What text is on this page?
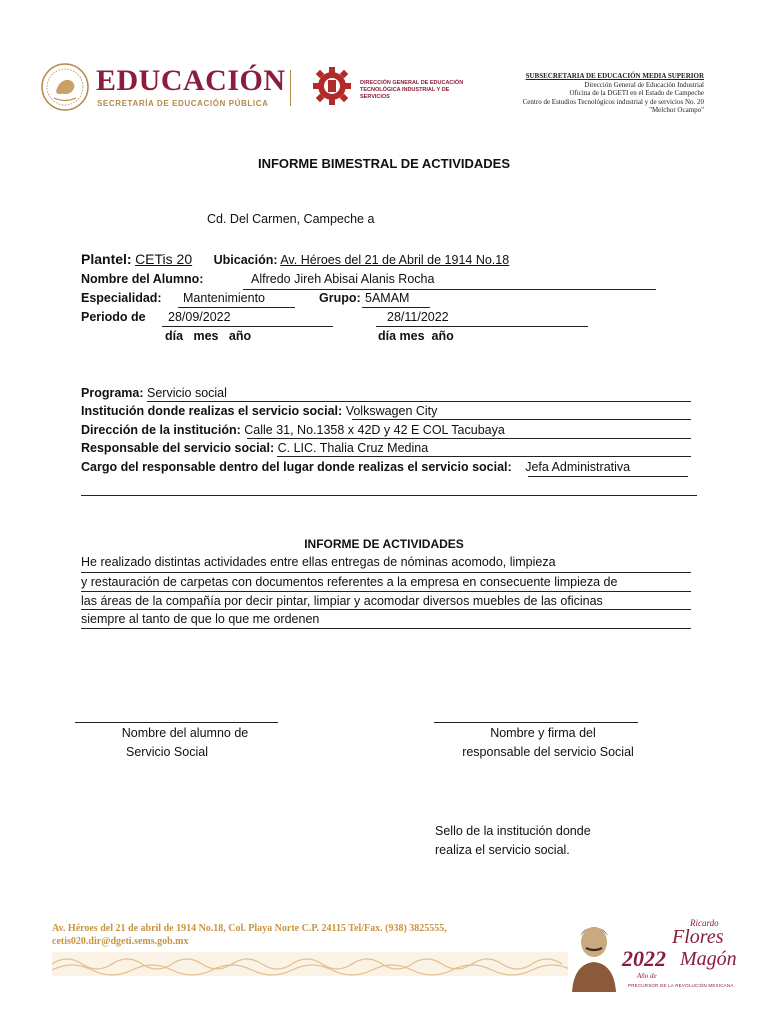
EDUCACIÓN
SECRETARÍA DE EDUCACIÓN PÚBLICA
DIRECCIÓN GENERAL DE EDUCACIÓN
TECNOLÓGICA INDUSTRIAL Y DE SERVICIOS
SUBSECRETARIA DE EDUCACIÓN MEDIA SUPERIOR
Dirección General de Educación Industrial
Oficina de la DGETI en el Estado de Campeche
Centro de Estudios Tecnológicos industrial y de servicios No. 20
"Melchor Ocampo"
INFORME BIMESTRAL DE ACTIVIDADES
Cd. Del Carmen, Campeche a
Plantel: CETis 20 Ubicación: Av. Héroes del 21 de Abril de 1914 No.18
Nombre del Alumno:	Alfredo Jireh Abisai Alanis Rocha
Especialidad: Mantenimiento	Grupo: 5AMAM
Periodo de 28/09/2022	28/11/2022
día   mes   año	día mes  año
Programa: Servicio social
Institución donde realizas el servicio social: Volkswagen City
Dirección de la institución: Calle 31, No.1358 x 42D y 42 E COL Tacubaya
Responsable del servicio social: C. LIC. Thalia Cruz Medina
Cargo del responsable dentro del lugar donde realizas el servicio social: Jefa Administrativa
INFORME DE ACTIVIDADES
He realizado distintas actividades entre ellas entregas de nóminas acomodo, limpieza
y restauración de carpetas con documentos referentes a la empresa en consecuente limpieza de
las áreas de la compañía por decir pintar, limpiar y acomodar diversos muebles de las oficinas
siempre al tanto de que lo que me ordenen
Nombre del alumno de
Servicio Social
Nombre y firma del
responsable del servicio Social
Sello de la institución donde
realiza el servicio social.
Av. Héroes del 21 de abril de 1914 No.18, Col. Playa Norte C.P. 24115 Tel/Fax. (938) 3825555,
cetis020.dir@dgeti.sems.gob.mx
2022
Año de
Ricardo
Flores
Magón
PRECURSOR DE LA REVOLUCIÓN MEXICANA
